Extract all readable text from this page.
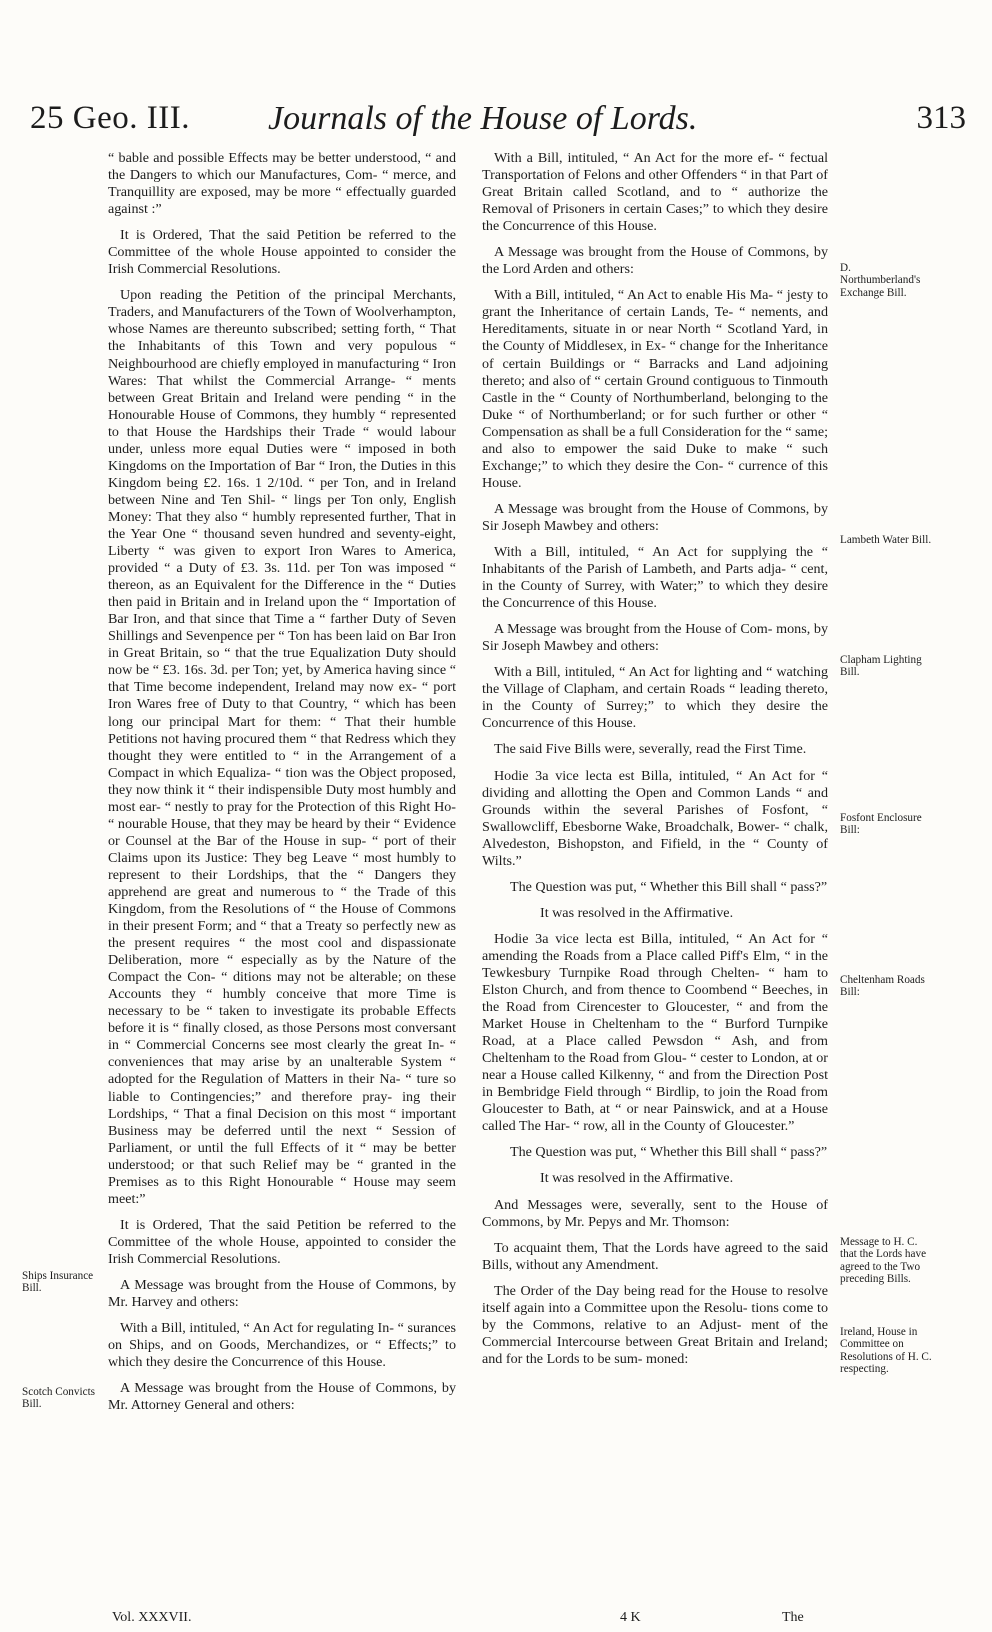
25 Geo. III. Journals of the House of Lords.	313

“ bable and possible Effects may be better understood, “ and the Dangers to which our Manufactures, Com- “ merce, and Tranquillity are exposed, may be more “ effectually guarded against :”

It is Ordered, That the said Petition be referred to the Committee of the whole House appointed to consider the Irish Commercial Resolutions.

Upon reading the Petition of the principal Merchants, Traders, and Manufacturers of the Town of Woolverhampton, whose Names are thereunto subscribed; setting forth, “ That the Inhabitants of this Town and very populous “ Neighbourhood are chiefly employed in manufacturing “ Iron Wares: That whilst the Commercial Arrange- “ ments between Great Britain and Ireland were pending “ in the Honourable House of Commons, they humbly “ represented to that House the Hardships their Trade “ would labour under, unless more equal Duties were “ imposed in both Kingdoms on the Importation of Bar “ Iron, the Duties in this Kingdom being £2. 16s. 1 2/10d. “ per Ton, and in Ireland between Nine and Ten Shil- “ lings per Ton only, English Money: That they also “ humbly represented further, That in the Year One “ thousand seven hundred and seventy-eight, Liberty “ was given to export Iron Wares to America, provided “ a Duty of £3. 3s. 11d. per Ton was imposed “ thereon, as an Equivalent for the Difference in the “ Duties then paid in Britain and in Ireland upon the “ Importation of Bar Iron, and that since that Time a “ farther Duty of Seven Shillings and Sevenpence per “ Ton has been laid on Bar Iron in Great Britain, so “ that the true Equalization Duty should now be “ £3. 16s. 3d. per Ton; yet, by America having since “ that Time become independent, Ireland may now ex- “ port Iron Wares free of Duty to that Country, “ which has been long our principal Mart for them: “ That their humble Petitions not having procured them “ that Redress which they thought they were entitled to “ in the Arrangement of a Compact in which Equaliza- “ tion was the Object proposed, they now think it “ their indispensible Duty most humbly and most ear- “ nestly to pray for the Protection of this Right Ho- “ nourable House, that they may be heard by their “ Evidence or Counsel at the Bar of the House in sup- “ port of their Claims upon its Justice: They beg Leave “ most humbly to represent to their Lordships, that the “ Dangers they apprehend are great and numerous to “ the Trade of this Kingdom, from the Resolutions of “ the House of Commons in their present Form; and “ that a Treaty so perfectly new as the present requires “ the most cool and dispassionate Deliberation, more “ especially as by the Nature of the Compact the Con- “ ditions may not be alterable; on these Accounts they “ humbly conceive that more Time is necessary to be “ taken to investigate its probable Effects before it is “ finally closed, as those Persons most conversant in “ Commercial Concerns see most clearly the great In- “ conveniences that may arise by an unalterable System “ adopted for the Regulation of Matters in their Na- “ ture so liable to Contingencies;” and therefore pray- ing their Lordships, “ That a final Decision on this most “ important Business may be deferred until the next “ Session of Parliament, or until the full Effects of it “ may be better understood; or that such Relief may be “ granted in the Premises as to this Right Honourable “ House may seem meet:”

It is Ordered, That the said Petition be referred to the Committee of the whole House, appointed to consider the Irish Commercial Resolutions.

A Message was brought from the House of Commons, by Mr. Harvey and others:

With a Bill, intituled, “ An Act for regulating In- “ surances on Ships, and on Goods, Merchandizes, or “ Effects;” to which they desire the Concurrence of this House.

A Message was brought from the House of Commons, by Mr. Attorney General and others:

With a Bill, intituled, “ An Act for the more ef- “ fectual Transportation of Felons and other Offenders “ in that Part of Great Britain called Scotland, and to “ authorize the Removal of Prisoners in certain Cases;” to which they desire the Concurrence of this House.

A Message was brought from the House of Commons, by the Lord Arden and others:

With a Bill, intituled, “ An Act to enable His Ma- “ jesty to grant the Inheritance of certain Lands, Te- “ nements, and Hereditaments, situate in or near North “ Scotland Yard, in the County of Middlesex, in Ex- “ change for the Inheritance of certain Buildings or “ Barracks and Land adjoining thereto; and also of “ certain Ground contiguous to Tinmouth Castle in the “ County of Northumberland, belonging to the Duke “ of Northumberland; or for such further or other “ Compensation as shall be a full Consideration for the “ same; and also to empower the said Duke to make “ such Exchange;” to which they desire the Con- “ currence of this House.

A Message was brought from the House of Commons, by Sir Joseph Mawbey and others:

With a Bill, intituled, “ An Act for supplying the “ Inhabitants of the Parish of Lambeth, and Parts adja- “ cent, in the County of Surrey, with Water;” to which they desire the Concurrence of this House.

A Message was brought from the House of Com- mons, by Sir Joseph Mawbey and others:

With a Bill, intituled, “ An Act for lighting and “ watching the Village of Clapham, and certain Roads “ leading thereto, in the County of Surrey;” to which they desire the Concurrence of this House.

The said Five Bills were, severally, read the First Time.

Hodie 3a vice lecta est Billa, intituled, “ An Act for “ dividing and allotting the Open and Common Lands “ and Grounds within the several Parishes of Fosfont, “ Swallowcliff, Ebesborne Wake, Broadchalk, Bower- “ chalk, Alvedeston, Bishopston, and Fifield, in the “ County of Wilts.”

The Question was put, “ Whether this Bill shall “ pass?”

It was resolved in the Affirmative.

Hodie 3a vice lecta est Billa, intituled, “ An Act for “ amending the Roads from a Place called Piff's Elm, “ in the Tewkesbury Turnpike Road through Chelten- “ ham to Elston Church, and from thence to Coombend “ Beeches, in the Road from Cirencester to Gloucester, “ and from the Market House in Cheltenham to the “ Burford Turnpike Road, at a Place called Pewsdon “ Ash, and from Cheltenham to the Road from Glou- “ cester to London, at or near a House called Kilkenny, “ and from the Direction Post in Bembridge Field through “ Birdlip, to join the Road from Gloucester to Bath, at “ or near Painswick, and at a House called The Har- “ row, all in the County of Gloucester.”

The Question was put, “ Whether this Bill shall “ pass?”

It was resolved in the Affirmative.

And Messages were, severally, sent to the House of Commons, by Mr. Pepys and Mr. Thomson:

To acquaint them, That the Lords have agreed to the said Bills, without any Amendment.

The Order of the Day being read for the House to resolve itself again into a Committee upon the Resolu- tions come to by the Commons, relative to an Adjust- ment of the Commercial Intercourse between Great Britain and Ireland; and for the Lords to be sum- moned:

Ships Insurance Bill.
Scotch Convicts Bill.
D. Northumberland's Exchange Bill.
Lambeth Water Bill.
Clapham Lighting Bill.
Fosfont Enclosure Bill:
Cheltenham Roads Bill:
Message to H. C. that the Lords have agreed to the Two preceding Bills.
Ireland, House in Committee on Resolutions of H. C. respecting.
Vol. XXXVII.	4 K	The
